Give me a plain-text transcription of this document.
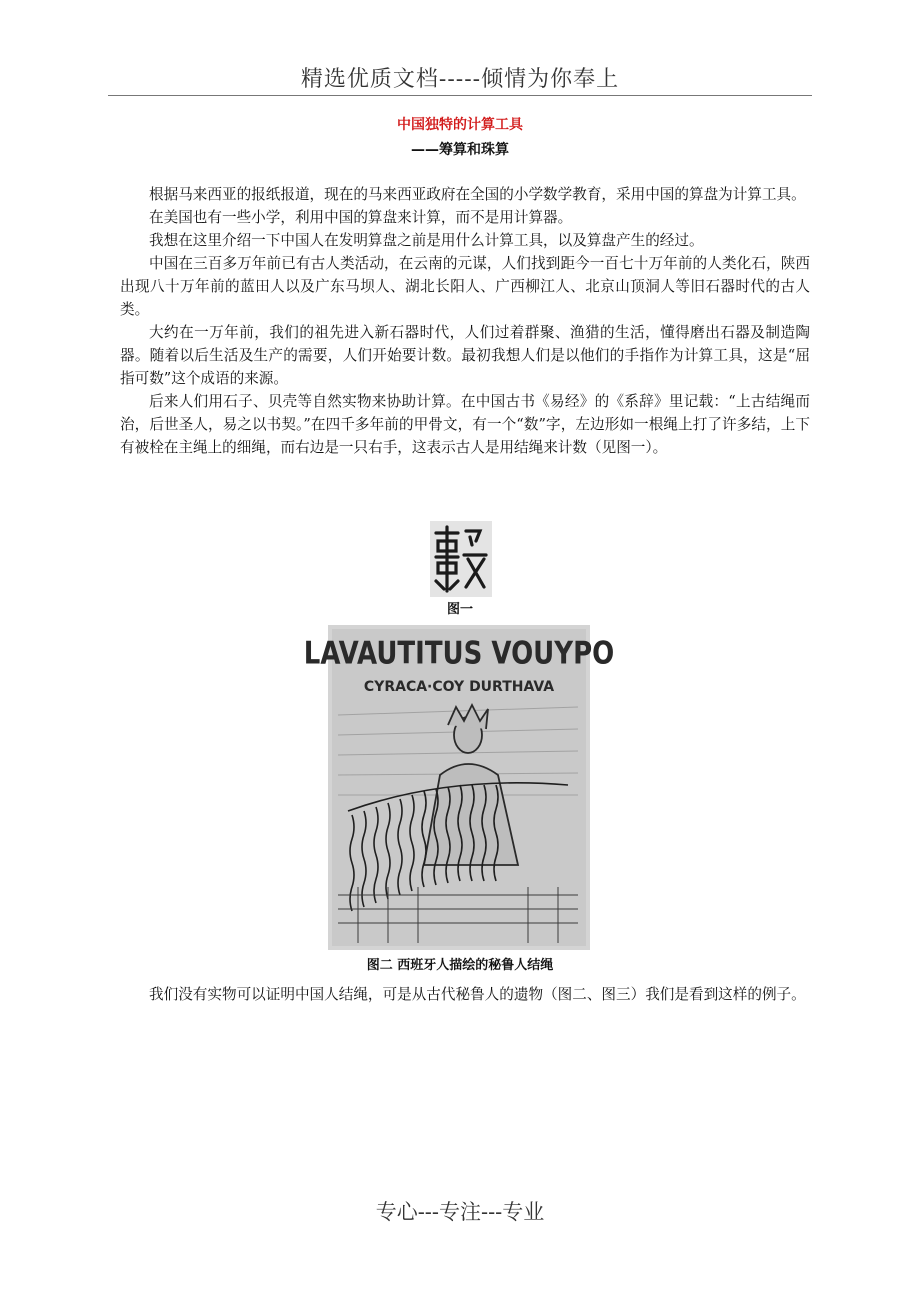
精选优质文档-----倾情为你奉上
中国独特的计算工具
——筹算和珠算

根据马来西亚的报纸报道，现在的马来西亚政府在全国的小学数学教育，采用中国的算盘为计算工具。

在美国也有一些小学，利用中国的算盘来计算，而不是用计算器。

我想在这里介绍一下中国人在发明算盘之前是用什么计算工具，以及算盘产生的经过。

中国在三百多万年前已有古人类活动，在云南的元谋，人们找到距今一百七十万年前的人类化石，陕西出现八十万年前的蓝田人以及广东马坝人、湖北长阳人、广西柳江人、北京山顶洞人等旧石器时代的古人类。

大约在一万年前，我们的祖先进入新石器时代，人们过着群聚、渔猎的生活，懂得磨出石器及制造陶器。随着以后生活及生产的需要，人们开始要计数。最初我想人们是以他们的手指作为计算工具，这是“屈指可数”这个成语的来源。

后来人们用石子、贝壳等自然实物来协助计算。在中国古书《易经》的《系辞》里记载：“上古结绳而治，后世圣人，易之以书契。”在四千多年前的甲骨文，有一个“数”字，左边形如一根绳上打了许多结，上下有被栓在主绳上的细绳，而右边是一只右手，这表示古人是用结绳来计数（见图一）。

图一
LAVAUTITUS VOUYPO
CYRACA·COY DURTHAVA
图二 西班牙人描绘的秘鲁人结绳

我们没有实物可以证明中国人结绳，可是从古代秘鲁人的遗物（图二、图三）我们是看到这样的例子。

专心---专注---专业
